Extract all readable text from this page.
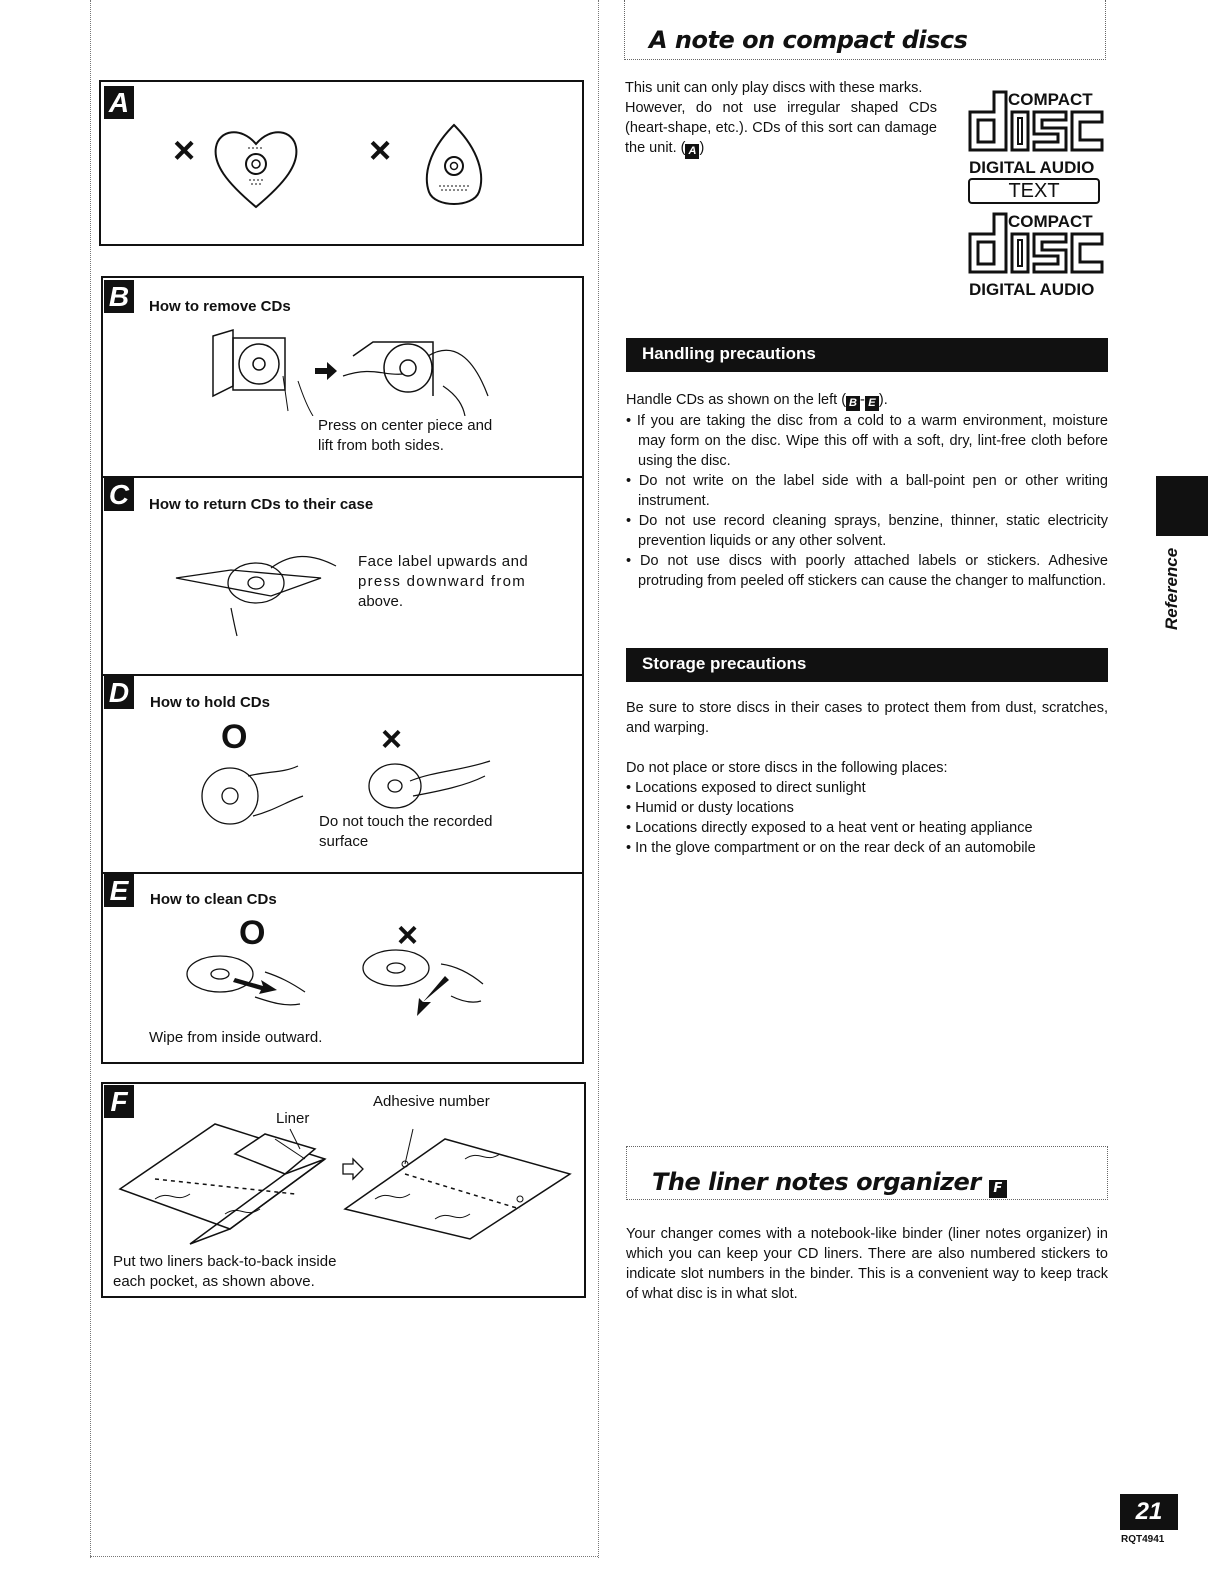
A
×	×
B	How to remove CDs
Press on center piece and
lift from both sides.
C	How to return CDs to their case
Face label upwards and
press downward from
above.
D	How to hold CDs
O	×
Do not touch the recorded
surface
E	How to clean CDs
O	×
Wipe from inside outward.
F
Liner
Adhesive number
Put two liners back-to-back inside
each pocket, as shown above.
A note on compact discs

This unit can only play discs with these marks.

However, do not use irregular shaped CDs (heart-shape, etc.). CDs of this sort can damage the unit. ( A )

COMPACT
DIGITAL AUDIO
TEXT
COMPACT
DIGITAL AUDIO
Handling precautions

Handle CDs as shown on the left ( B - E ).

• If you are taking the disc from a cold to a warm environment, moisture may form on the disc. Wipe this off with a soft, dry, lint-free cloth before using the disc.

• Do not write on the label side with a ball-point pen or other writing instrument.

• Do not use record cleaning sprays, benzine, thinner, static electricity prevention liquids or any other solvent.

• Do not use discs with poorly attached labels or stickers. Adhesive protruding from peeled off stickers can cause the changer to malfunction.

Storage precautions

Be sure to store discs in their cases to protect them from dust, scratches, and warping.

Do not place or store discs in the following places:

• Locations exposed to direct sunlight

• Humid or dusty locations

• Locations directly exposed to a heat vent or heating appliance

• In the glove compartment or on the rear deck of an automobile

The liner notes organizer F
Your changer comes with a notebook-like binder (liner notes organizer) in which you can keep your CD liners. There are also numbered stickers to indicate slot numbers in the binder. This is a convenient way to keep track of what disc is in what slot.
Reference
21
RQT4941
